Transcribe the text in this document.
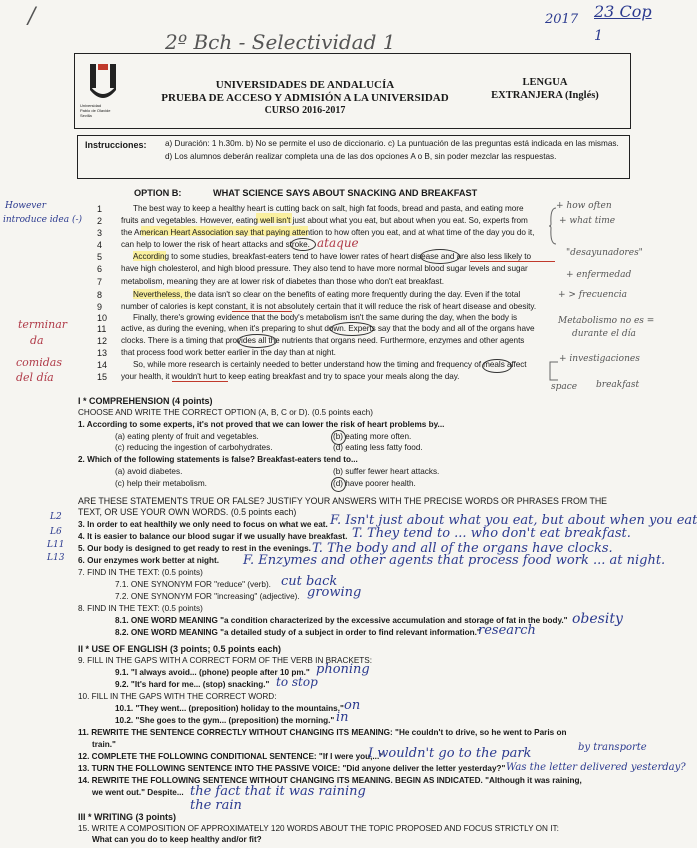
/	2017 23 Cop
1
2º Bch - Selectividad 1
Universidad
Pablo de Olavide
Sevilla
UNIVERSIDADES DE ANDALUCÍA
PRUEBA DE ACCESO Y ADMISIÓN A LA UNIVERSIDAD
CURSO 2016-2017
LENGUA
EXTRANJERA (Inglés)
Instrucciones: a) Duración: 1 h.30m. b) No se permite el uso de diccionario. c) La puntuación de las preguntas está indicada en las mismas. d) Los alumnos deberán realizar completa una de las dos opciones A o B, sin poder mezclar las respuestas.
OPTION B:	WHAT SCIENCE SAYS ABOUT SNACKING AND BREAKFAST
1	The best way to keep a healthy heart is cutting back on salt, high fat foods, bread and pasta, and eating more
2	fruits and vegetables. However, eating well isn't just about what you eat, but about when you eat. So, experts from
3	the American Heart Association say that paying attention to how often you eat, and at what time of the day you do it,
4	can help to lower the risk of heart attacks and stroke.
5	According to some studies, breakfast-eaters tend to have lower rates of heart disease and are also less likely to
6	have high cholesterol, and high blood pressure. They also tend to have more normal blood sugar levels and sugar
7	metabolism, meaning they are at lower risk of diabetes than those who don't eat breakfast.
8	Nevertheless, the data isn't so clear on the benefits of eating more frequently during the day. Even if the total
9	number of calories is kept constant, it is not absolutely certain that it will reduce the risk of heart disease and obesity.
10	Finally, there's growing evidence that the body's metabolism isn't the same during the day, when the body is
11	active, as during the evening, when it's preparing to shut down. Experts say that the body and all of the organs have
12	clocks. There is a timing that provides all the nutrients that organs need. Furthermore, enzymes and other agents
13	that process food work better earlier in the day than at night.
14	So, while more research is certainly needed to better understand how the timing and frequency of meals affect
15	your health, it wouldn't hurt to keep eating breakfast and try to space your meals along the day.
However
introduce idea (-)
terminar
da
comidas
del día
ataque
+ how often
+ what time
"desayunadores"
+ enfermedad
+ > frecuencia
Metabolismo no es =
durante el día
+ investigaciones
space breakfast
I * COMPREHENSION (4 points)
CHOOSE AND WRITE THE CORRECT OPTION (A, B, C or D). (0.5 points each)
1. According to some experts, it's not proved that we can lower the risk of heart problems by...
(a) eating plenty of fruit and vegetables.	(b) eating more often.
(c) reducing the ingestion of carbohydrates.	(d) eating less fatty food.
2. Which of the following statements is false? Breakfast-eaters tend to...
(a) avoid diabetes.	(b) suffer fewer heart attacks.
(c) help their metabolism.	(d) have poorer health.
ARE THESE STATEMENTS TRUE OR FALSE? JUSTIFY YOUR ANSWERS WITH THE PRECISE WORDS OR PHRASES FROM THE
TEXT, OR USE YOUR OWN WORDS. (0.5 points each)
L2
L6
L11
L13
3. In order to eat healthily we only need to focus on what we eat. F. Isn't just about what you eat, but about when you eat
4. It is easier to balance our blood sugar if we usually have breakfast. T. They tend to ... who don't eat breakfast.
5. Our body is designed to get ready to rest in the evenings. T. The body and all of the organs have clocks.
6. Our enzymes work better at night. F. Enzymes and other agents that process food work ... at night.
7. FIND IN THE TEXT: (0.5 points)
7.1. ONE SYNONYM FOR "reduce" (verb). cut back
7.2. ONE SYNONYM FOR "increasing" (adjective). growing
8. FIND IN THE TEXT: (0.5 points)
8.1. ONE WORD MEANING "a condition characterized by the excessive accumulation and storage of fat in the body." obesity
8.2. ONE WORD MEANING "a detailed study of a subject in order to find relevant information."
research
II * USE OF ENGLISH (3 points; 0.5 points each)
9. FILL IN THE GAPS WITH A CORRECT FORM OF THE VERB IN BRACKETS:
9.1. "I always avoid... (phone) people after 10 pm." phoning
9.2. "It's hard for me... (stop) snacking." to stop
10. FILL IN THE GAPS WITH THE CORRECT WORD:
10.1. "They went... (preposition) holiday to the mountains." on
10.2. "She goes to the gym... (preposition) the morning." in
11. REWRITE THE SENTENCE CORRECTLY WITHOUT CHANGING ITS MEANING: "He couldn't to drive, so he went to Paris on
train."	by transporte
12. COMPLETE THE FOLLOWING CONDITIONAL SENTENCE: "If I were you,..."
I wouldn't go to the park
13. TURN THE FOLLOWING SENTENCE INTO THE PASSIVE VOICE: "Did anyone deliver the letter yesterday?" Was the letter delivered yesterday?
14. REWRITE THE FOLLOWING SENTENCE WITHOUT CHANGING ITS MEANING. BEGIN AS INDICATED. "Although it was raining,
we went out." Despite... the fact that it was raining
the rain
III * WRITING (3 points)
15. WRITE A COMPOSITION OF APPROXIMATELY 120 WORDS ABOUT THE TOPIC PROPOSED AND FOCUS STRICTLY ON IT:
What can you do to keep healthy and/or fit?
